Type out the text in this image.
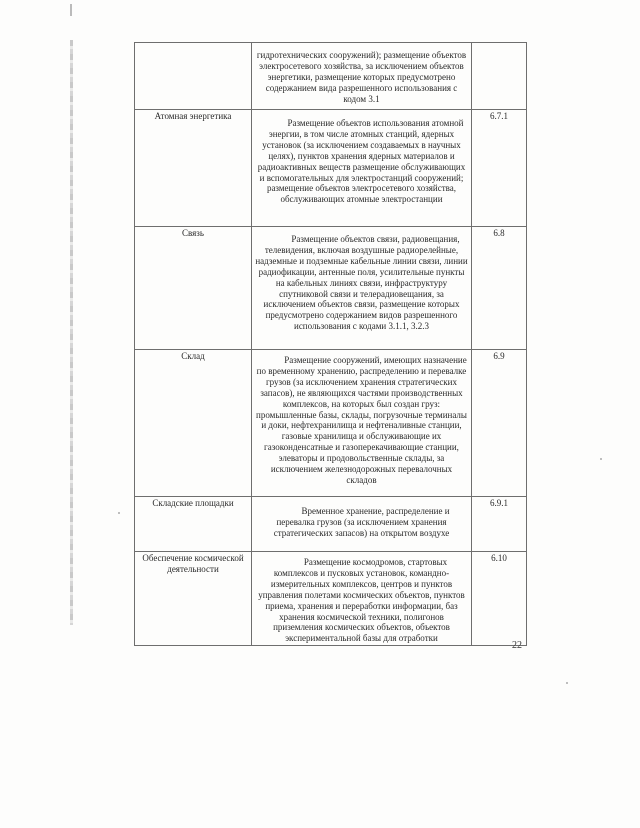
	гидротехнических сооружений); размещение объектов электросетевого хозяйства, за исключением объектов энергетики, размещение которых предусмотрено содержанием вида разрешенного использования с кодом 3.1	

Атомная энергетика	Размещение объектов использования атомной энергии, в том числе атомных станций, ядерных установок (за исключением создаваемых в научных целях), пунктов хранения ядерных материалов и радиоактивных веществ размещение обслуживающих и вспомогательных для электростанций сооружений; размещение объектов электросетевого хозяйства, обслуживающих атомные электростанции	6.7.1
Связь	Размещение объектов связи, радиовещания, телевидения, включая воздушные радиорелейные, надземные и подземные кабельные линии связи, линии радиофикации, антенные поля, усилительные пункты на кабельных линиях связи, инфраструктуру спутниковой связи и телерадиовещания, за исключением объектов связи, размещение которых предусмотрено содержанием видов разрешенного использования с кодами 3.1.1, 3.2.3	6.8
Склад	Размещение сооружений, имеющих назначение по временному хранению, распределению и перевалке грузов (за исключением хранения стратегических запасов), не являющихся частями производственных комплексов, на которых был создан груз: промышленные базы, склады, погрузочные терминалы и доки, нефтехранилища и нефтеналивные станции, газовые хранилища и обслуживающие их газоконденсатные и газоперекачивающие станции, элеваторы и продовольственные склады, за исключением железнодорожных перевалочных складов	6.9
Складские площадки	Временное хранение, распределение и перевалка грузов (за исключением хранения стратегических запасов) на открытом воздухе	6.9.1
Обеспечение космической деятельности	Размещение космодромов, стартовых комплексов и пусковых установок, командно-измерительных комплексов, центров и пунктов управления полетами космических объектов, пунктов приема, хранения и переработки информации, баз хранения космической техники, полигонов приземления космических объектов, объектов экспериментальной базы для отработки	6.10
22
